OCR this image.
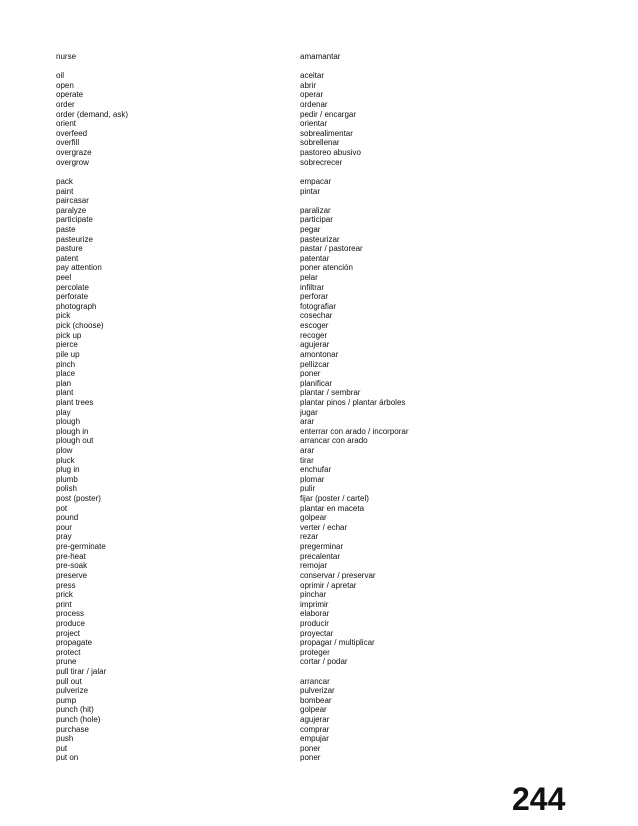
nurse
oil
open
operate
order
order (demand, ask)
orient
overfeed
overfill
overgraze
overgrow
pack
paint
paircasar
paralyze
participate
paste
pasteurize
pasture
patent
pay attention
peel
percolate
perforate
photograph
pick
pick (choose)
pick up
pierce
pile up
pinch
place
plan
plant
plant trees
play
plough
plough in
plough out
plow
pluck
plug in
plumb
polish
post (poster)
pot
pound
pour
pray
pre-germinate
pre-heat
pre-soak
preserve
press
prick
print
process
produce
project
propagate
protect
prune
pull tirar / jalar
pull out
pulverize
pump
punch (hit)
punch (hole)
purchase
push
put
put on
amamantar
aceitar
abrir
operar
ordenar
pedir / encargar
orientar
sobrealimentar
sobrellenar
pastoreo abusivo
sobrecrecer
empacar
pintar
paralizar
participar
pegar
pasteurizar
pastar / pastorear
patentar
poner atención
pelar
infiltrar
perforar
fotografiar
cosechar
escoger
recoger
agujerar
amontonar
pellizcar
poner
planificar
plantar / sembrar
plantar pinos / plantar árboles
jugar
arar
enterrar con arado / incorporar
arrancar con arado
arar
tirar
enchufar
plomar
pulir
fijar (poster / cartel)
plantar en maceta
golpear
verter / echar
rezar
pregerminar
precalentar
remojar
conservar / preservar
oprimir / apretar
pinchar
imprimir
elaborar
producir
proyectar
propagar / multiplicar
proteger
cortar / podar
arrancar
pulverizar
bombear
golpear
agujerar
comprar
empujar
poner
poner
244
